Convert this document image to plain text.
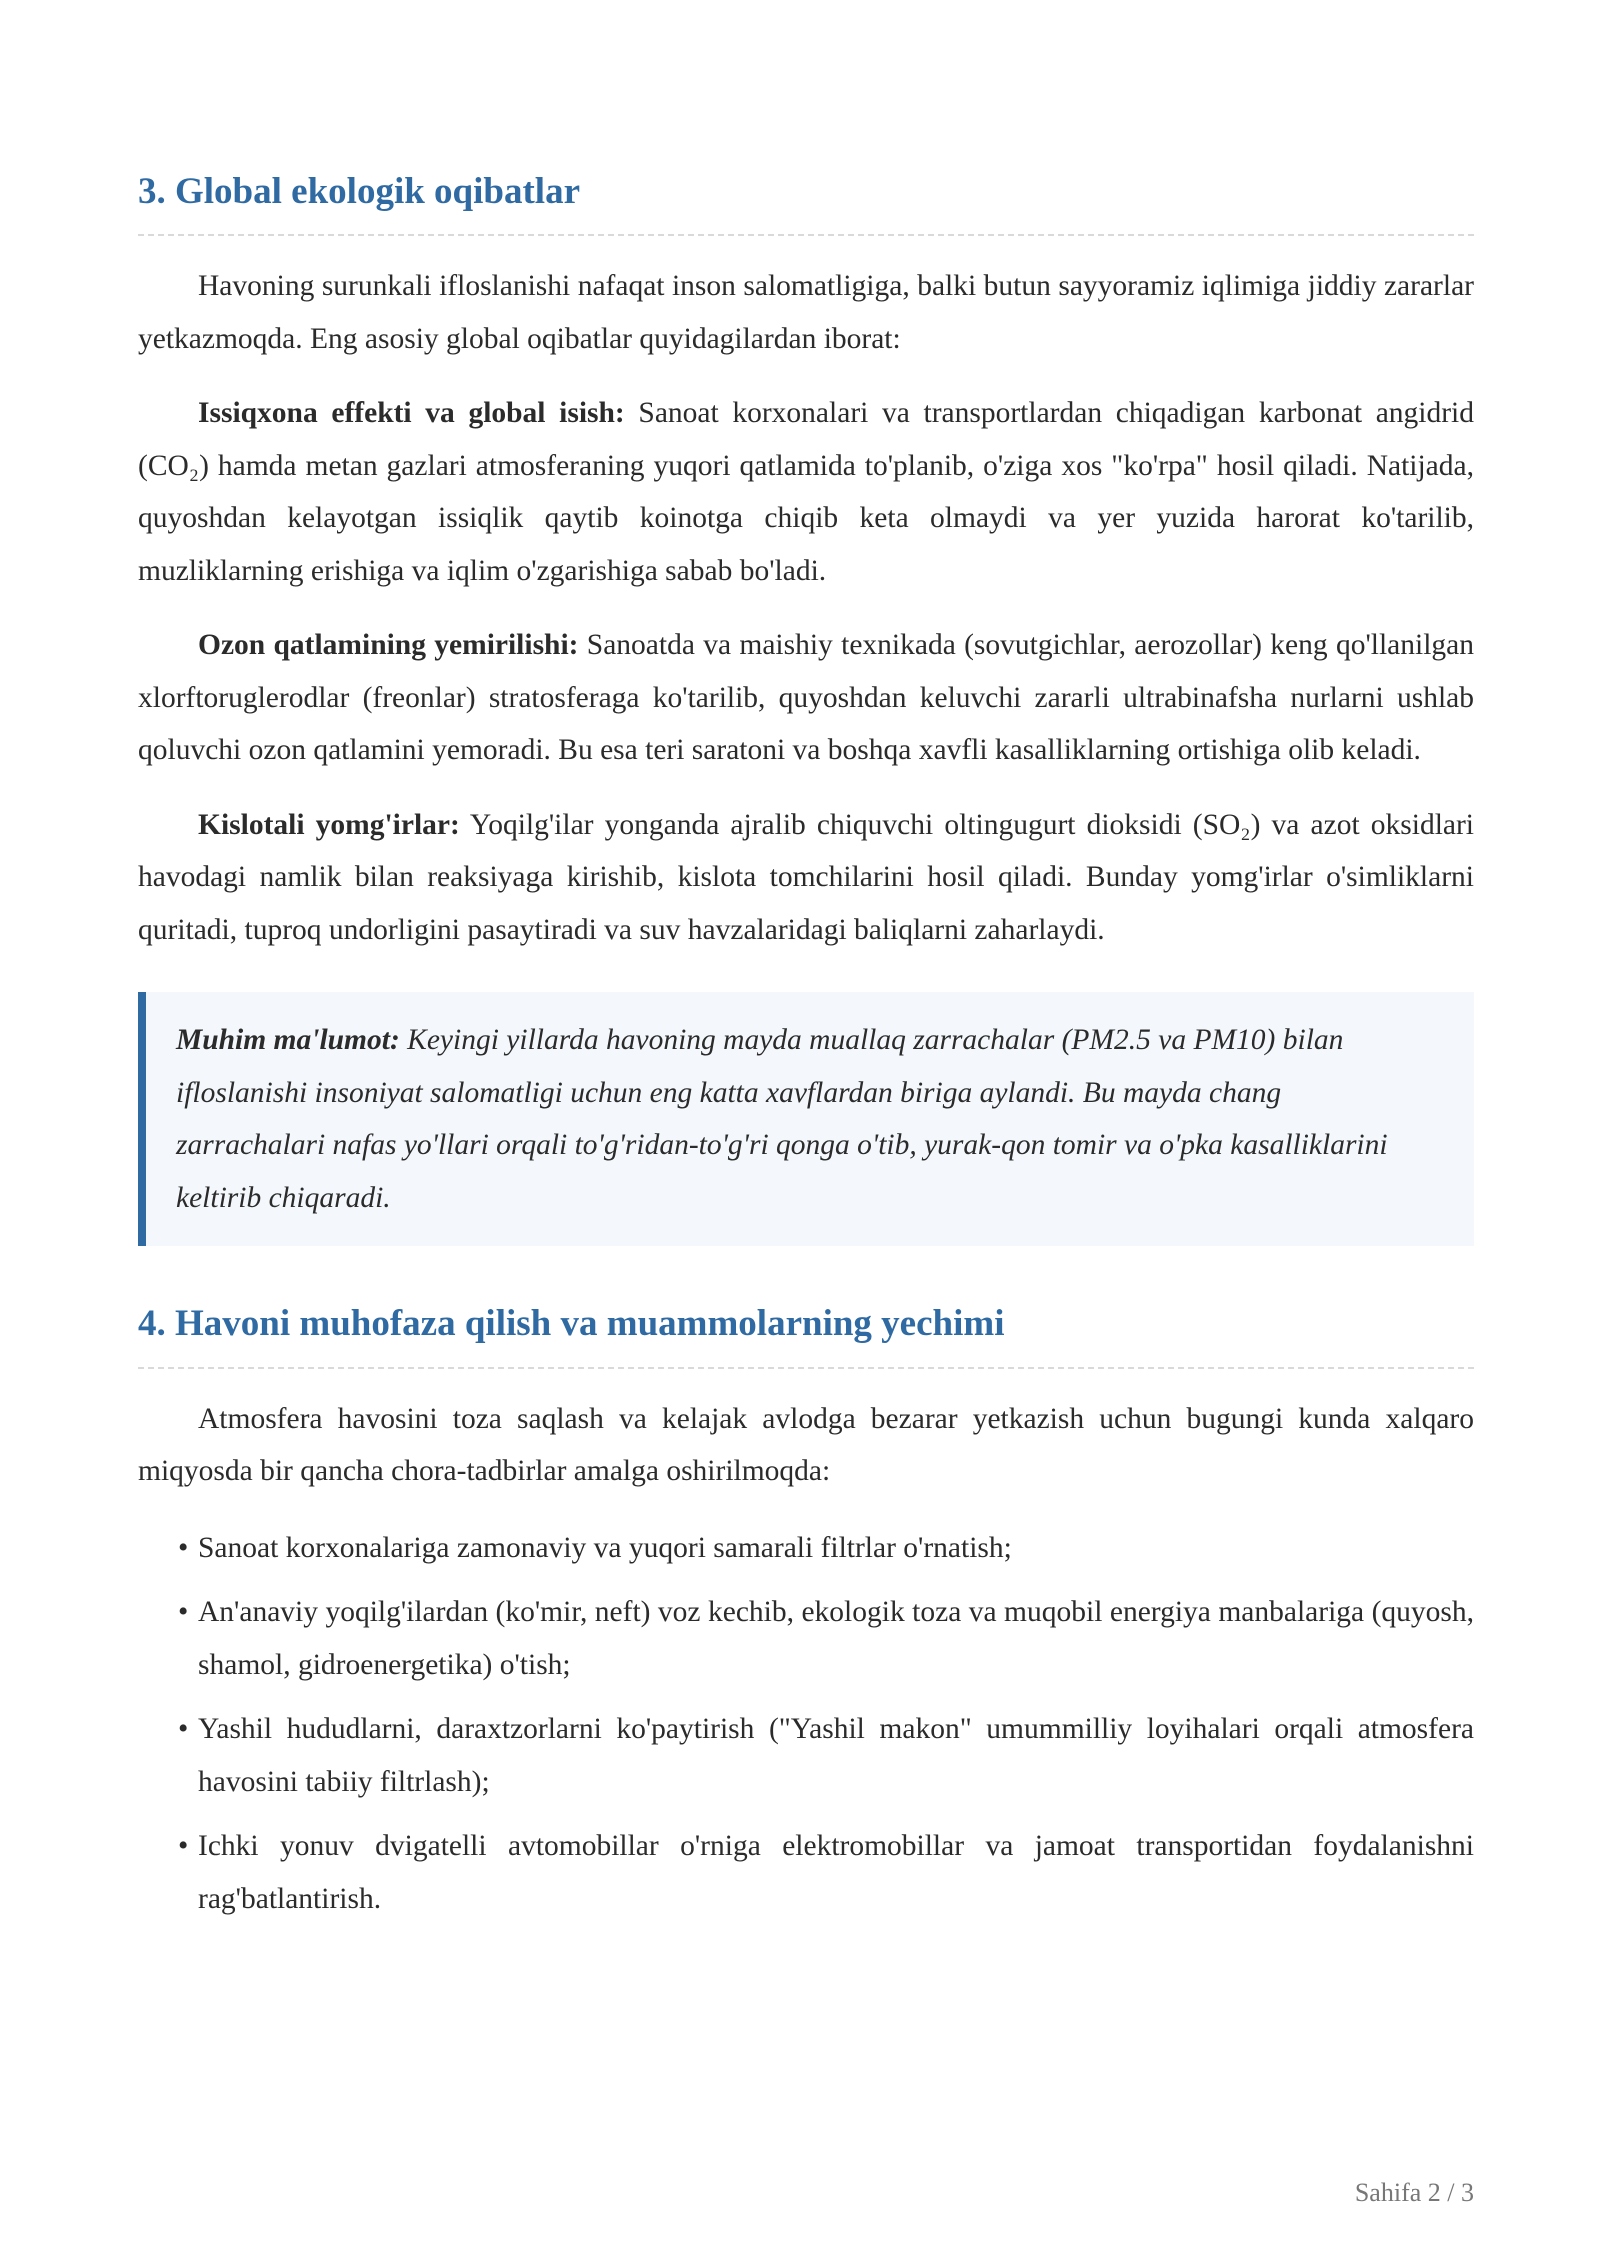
3. Global ekologik oqibatlar

Havoning surunkali ifloslanishi nafaqat inson salomatligiga, balki butun sayyoramiz iqlimiga jiddiy zararlar yetkazmoqda. Eng asosiy global oqibatlar quyidagilardan iborat:

Issiqxona effekti va global isish: Sanoat korxonalari va transportlardan chiqadigan karbonat angidrid (CO₂) hamda metan gazlari atmosferaning yuqori qatlamida to'planib, o'ziga xos "ko'rpa" hosil qiladi. Natijada, quyoshdan kelayotgan issiqlik qaytib koinotga chiqib keta olmaydi va yer yuzida harorat ko'tarilib, muzliklarning erishiga va iqlim o'zgarishiga sabab bo'ladi.

Ozon qatlamining yemirilishi: Sanoatda va maishiy texnikada (sovutgichlar, aerozollar) keng qo'llanilgan xlorftoruglerodlar (freonlar) stratosferaga ko'tarilib, quyoshdan keluvchi zararli ultrabinafsha nurlarni ushlab qoluvchi ozon qatlamini yemoradi. Bu esa teri saratoni va boshqa xavfli kasalliklarning ortishiga olib keladi.

Kislotali yomg'irlar: Yoqilg'ilar yonganda ajralib chiquvchi oltingugurt dioksidi (SO₂) va azot oksidlari havodagi namlik bilan reaksiyaga kirishib, kislota tomchilarini hosil qiladi. Bunday yomg'irlar o'simliklarni quritadi, tuproq undorligini pasaytiradi va suv havzalaridagi baliqlarni zaharlaydi.

Muhim ma'lumot: Keyingi yillarda havoning mayda muallaq zarrachalar (PM2.5 va PM10) bilan ifloslanishi insoniyat salomatligi uchun eng katta xavflardan biriga aylandi. Bu mayda chang zarrachalari nafas yo'llari orqali to'g'ridan-to'g'ri qonga o'tib, yurak-qon tomir va o'pka kasalliklarini keltirib chiqaradi.

4. Havoni muhofaza qilish va muammolarning yechimi

Atmosfera havosini toza saqlash va kelajak avlodga bezarar yetkazish uchun bugungi kunda xalqaro miqyosda bir qancha chora-tadbirlar amalga oshirilmoqda:

• Sanoat korxonalariga zamonaviy va yuqori samarali filtrlar o'rnatish;
• An'anaviy yoqilg'ilardan (ko'mir, neft) voz kechib, ekologik toza va muqobil energiya manbalariga (quyosh, shamol, gidroenergetika) o'tish;
• Yashil hududlarni, daraxtzorlarni ko'paytirish ("Yashil makon" umummilliy loyihalari orqali atmosfera havosini tabiiy filtrlash);
• Ichki yonuv dvigatelli avtomobillar o'rniga elektromobillar va jamoat transportidan foydalanishni rag'batlantirish.
Sahifa 2 / 3
